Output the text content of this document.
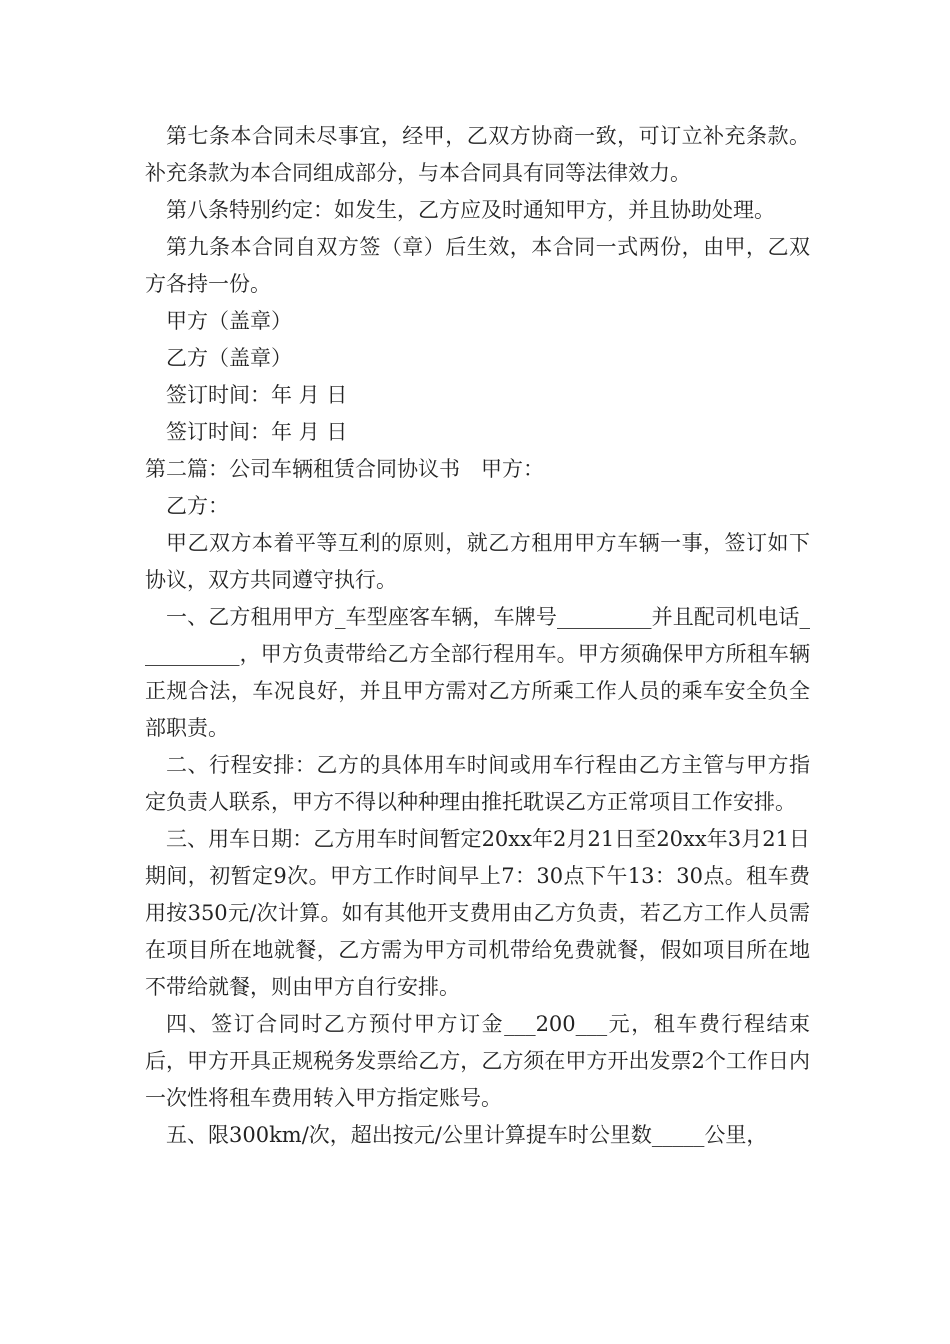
第七条本合同未尽事宜，经甲，乙双方协商一致，可订立补充条款。补充条款为本合同组成部分，与本合同具有同等法律效力。

第八条特别约定：如发生，乙方应及时通知甲方，并且协助处理。

第九条本合同自双方签（章）后生效，本合同一式两份，由甲，乙双方各持一份。

甲方（盖章）

乙方（盖章）

签订时间：年 月 日

签订时间：年 月 日

第二篇：公司车辆租赁合同协议书　甲方：

乙方：

甲乙双方本着平等互利的原则，就乙方租用甲方车辆一事，签订如下协议，双方共同遵守执行。

一、乙方租用甲方_车型座客车辆，车牌号_________并且配司机电话__________，甲方负责带给乙方全部行程用车。甲方须确保甲方所租车辆正规合法，车况良好，并且甲方需对乙方所乘工作人员的乘车安全负全部职责。

二、行程安排：乙方的具体用车时间或用车行程由乙方主管与甲方指定负责人联系，甲方不得以种种理由推托耽误乙方正常项目工作安排。

三、用车日期：乙方用车时间暂定20xx年2月21日至20xx年3月21日期间，初暂定9次。甲方工作时间早上7：30点下午13：30点。租车费用按350元/次计算。如有其他开支费用由乙方负责，若乙方工作人员需在项目所在地就餐，乙方需为甲方司机带给免费就餐，假如项目所在地不带给就餐，则由甲方自行安排。

四、签订合同时乙方预付甲方订金___200___元，租车费行程结束后，甲方开具正规税务发票给乙方，乙方须在甲方开出发票2个工作日内一次性将租车费用转入甲方指定账号。

五、限300km/次，超出按元/公里计算提车时公里数_____公里，
